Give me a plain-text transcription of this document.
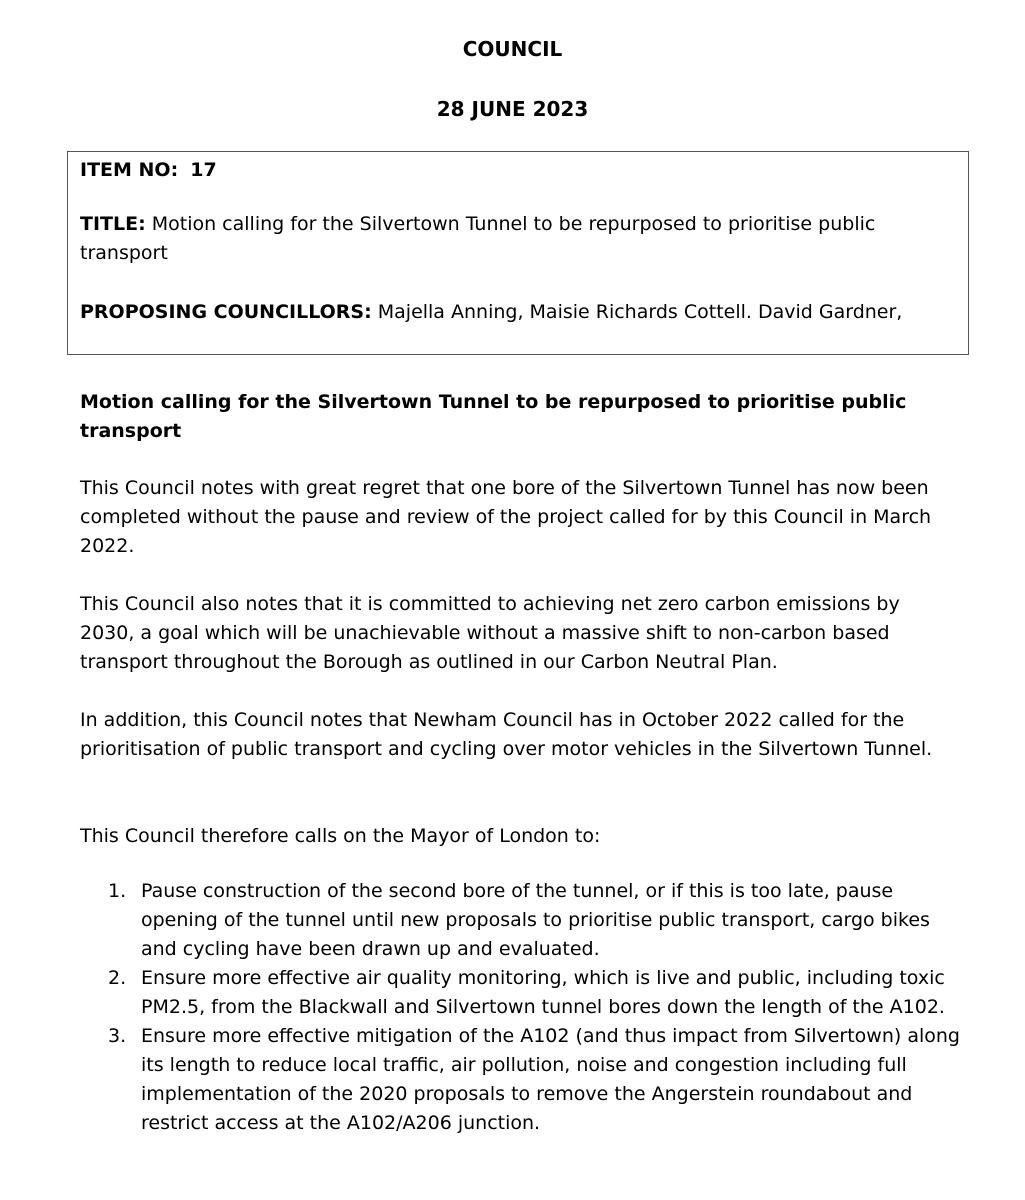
COUNCIL
28 JUNE 2023

ITEM NO: 17

TITLE: Motion calling for the Silvertown Tunnel to be repurposed to prioritise public transport

PROPOSING COUNCILLORS: Majella Anning, Maisie Richards Cottell. David Gardner,

Motion calling for the Silvertown Tunnel to be repurposed to prioritise public transport

This Council notes with great regret that one bore of the Silvertown Tunnel has now been completed without the pause and review of the project called for by this Council in March 2022.

This Council also notes that it is committed to achieving net zero carbon emissions by 2030, a goal which will be unachievable without a massive shift to non-carbon based transport throughout the Borough as outlined in our Carbon Neutral Plan.

In addition, this Council notes that Newham Council has in October 2022 called for the prioritisation of public transport and cycling over motor vehicles in the Silvertown Tunnel.

This Council therefore calls on the Mayor of London to:

1. Pause construction of the second bore of the tunnel, or if this is too late, pause opening of the tunnel until new proposals to prioritise public transport, cargo bikes and cycling have been drawn up and evaluated.
2. Ensure more effective air quality monitoring, which is live and public, including toxic PM2.5, from the Blackwall and Silvertown tunnel bores down the length of the A102.
3. Ensure more effective mitigation of the A102 (and thus impact from Silvertown) along its length to reduce local traffic, air pollution, noise and congestion including full implementation of the 2020 proposals to remove the Angerstein roundabout and restrict access at the A102/A206 junction.
